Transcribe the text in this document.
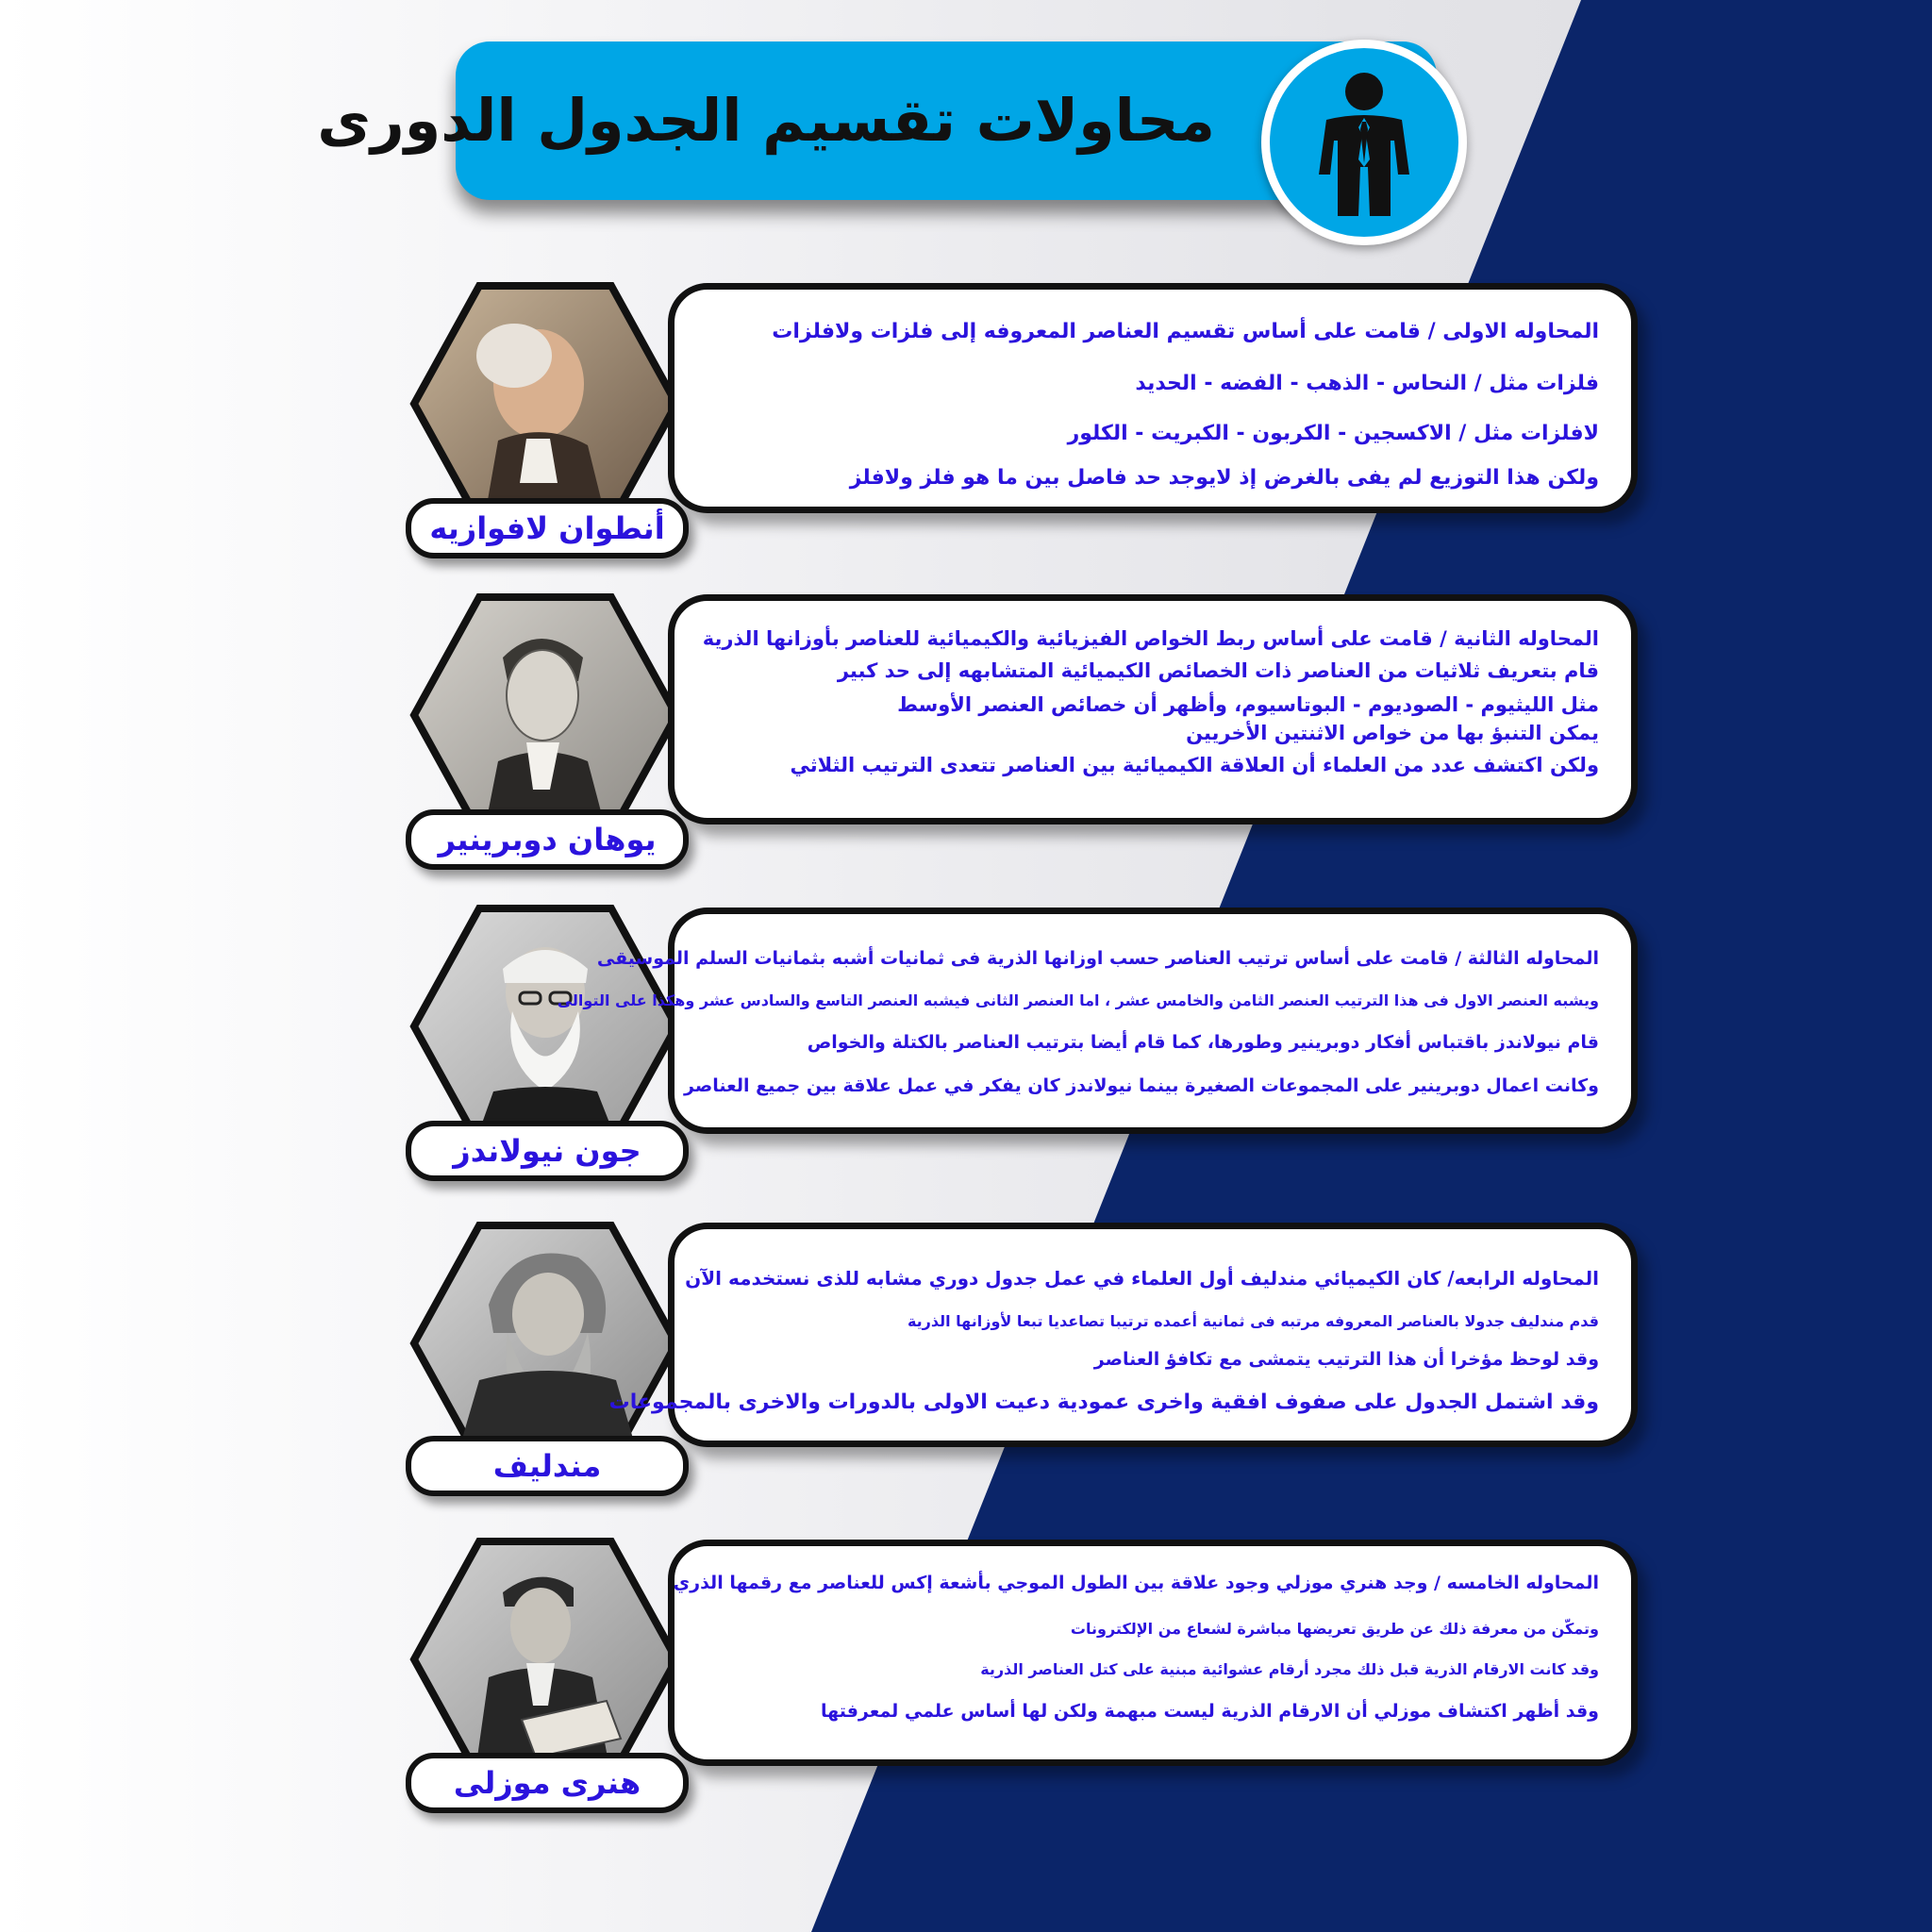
محاولات تقسيم الجدول الدورى

المحاوله الاولى / قامت على أساس تقسيم العناصر المعروفه إلى فلزات ولافلزات

فلزات مثل / النحاس - الذهب - الفضه - الحديد

لافلزات مثل / الاكسجين - الكربون - الكبريت - الكلور

ولكن هذا التوزيع لم يفى بالغرض إذ لايوجد حد فاصل بين ما هو فلز ولافلز

أنطوان لافوازيه

المحاوله الثانية / قامت على أساس ربط الخواص الفيزيائية والكيميائية للعناصر بأوزانها الذرية

قام بتعريف ثلاثيات من العناصر ذات الخصائص الكيميائية المتشابهه إلى حد كبير

مثل الليثيوم - الصوديوم - البوتاسيوم، وأظهر أن خصائص العنصر الأوسط

يمكن التنبؤ بها من خواص الاثنتين الأخريين

ولكن اكتشف عدد من العلماء أن العلاقة الكيميائية بين العناصر تتعدى الترتيب الثلاثي

يوهان دوبرينير

المحاوله الثالثة / قامت على أساس ترتيب العناصر حسب اوزانها الذرية فى ثمانيات أشبه بثمانيات السلم الموسيقى

ويشبه العنصر الاول فى هذا الترتيب العنصر الثامن والخامس عشر ، اما العنصر الثانى فيشبه العنصر التاسع والسادس عشر وهكذا على التوالى

قام نيولاندز باقتباس أفكار دوبرينير وطورها، كما قام أيضا بترتيب العناصر بالكتلة والخواص

وكانت اعمال دوبرينير على المجموعات الصغيرة بينما نيولاندز كان يفكر في عمل علاقة بين جميع العناصر

جون نيولاندز

المحاوله الرابعه/ كان الكيميائي مندليف أول العلماء في عمل جدول دوري مشابه للذى نستخدمه الآن

قدم مندليف جدولا بالعناصر المعروفه مرتبه فى ثمانية أعمده ترتيبا تصاعديا تبعا لأوزانها الذرية

وقد لوحظ مؤخرا أن هذا الترتيب يتمشى مع تكافؤ العناصر

وقد اشتمل الجدول على صفوف افقية واخرى عمودية دعيت الاولى بالدورات والاخرى بالمجموعات

مندليف

المحاوله الخامسه / وجد هنري موزلي وجود علاقة بين الطول الموجي بأشعة إكس للعناصر مع رقمها الذري

وتمكّن من معرفة ذلك عن طريق تعريضها مباشرة لشعاع من الإلكترونات

وقد كانت الارقام الذرية قبل ذلك مجرد أرقام عشوائية مبنية على كتل العناصر الذرية

وقد أظهر اكتشاف موزلي أن الارقام الذرية ليست مبهمة ولكن لها أساس علمي لمعرفتها

هنرى موزلى
